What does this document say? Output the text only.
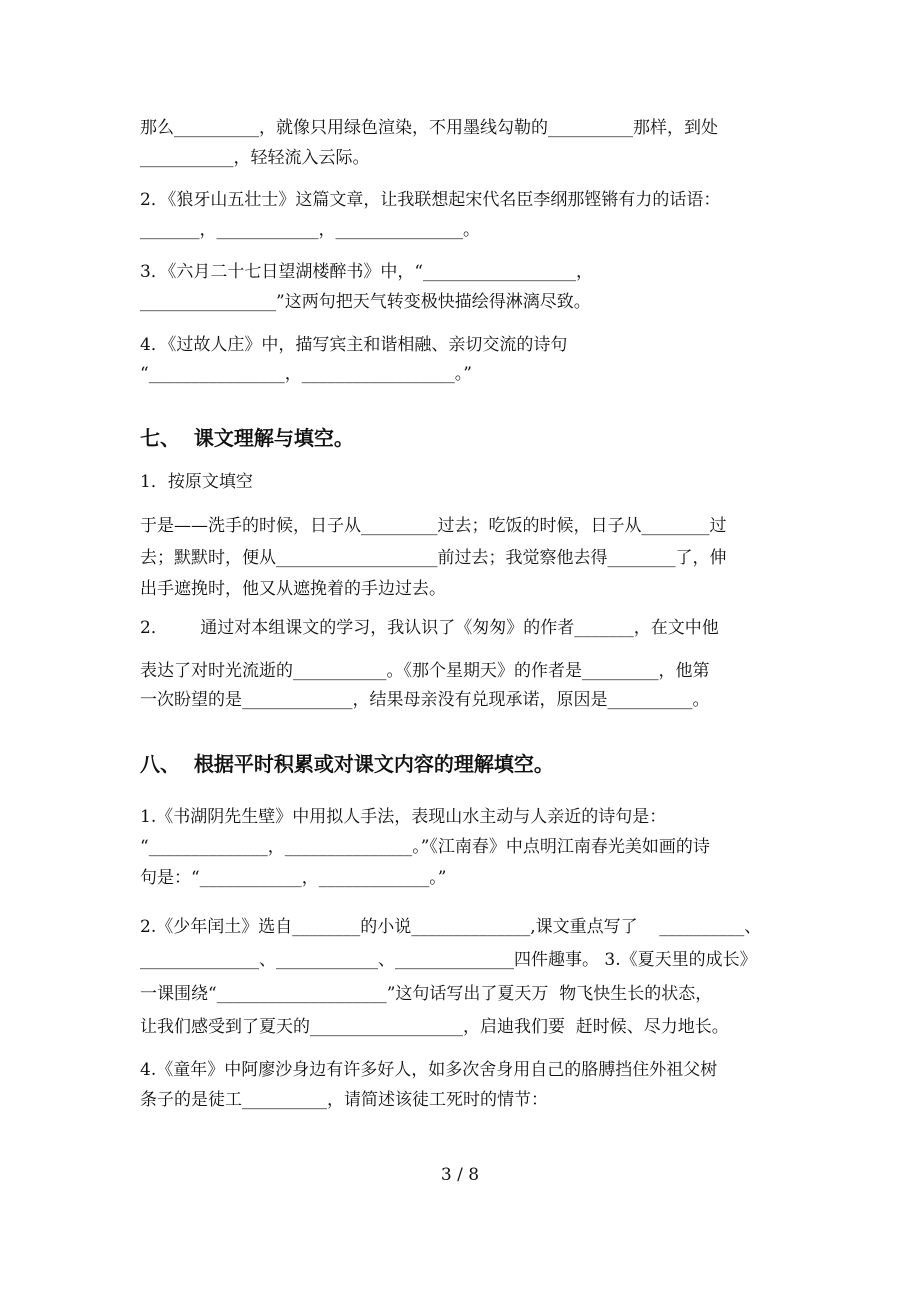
那么__________，就像只用绿色渲染，不用墨线勾勒的__________那样，到处
___________，轻轻流入云际。
2．《狼牙山五壮士》这篇文章，让我联想起宋代名臣李纲那铿锵有力的话语：
_______，____________，_______________。
3．《六月二十七日望湖楼醉书》中，“__________________，
________________”这两句把天气转变极快描绘得淋漓尽致。
4．《过故人庄》中，描写宾主和谐相融、亲切交流的诗句
“________________，__________________。”
七、  课文理解与填空。
1．按原文填空
于是——洗手的时候，日子从_________过去；吃饭的时候，日子从________过
去；默默时，便从___________________前过去；我觉察他去得________了，伸
出手遮挽时，他又从遮挽着的手边过去。
2．      通过对本组课文的学习，我认识了《匆匆》的作者_______，在文中他
表达了对时光流逝的___________。《那个星期天》的作者是_________，他第
一次盼望的是_____________，结果母亲没有兑现承诺，原因是__________。
八、  根据平时积累或对课文内容的理解填空。
1.《书湖阴先生壁》中用拟人手法，表现山水主动与人亲近的诗句是：
“______________，_______________。”《江南春》中点明江南春光美如画的诗
句是：“____________，_____________。”
2.《少年闰土》选自________的小说______________,课文重点写了    __________、
______________、____________、______________四件趣事。 3.《夏天里的成长》
一课围绕“____________________”这句话写出了夏天万  物飞快生长的状态，
让我们感受到了夏天的__________________，启迪我们要  赶时候、尽力地长。
4.《童年》中阿廖沙身边有许多好人，如多次舍身用自己的胳膊挡住外祖父树
条子的是徒工__________，请简述该徒工死时的情节：
3 / 8
